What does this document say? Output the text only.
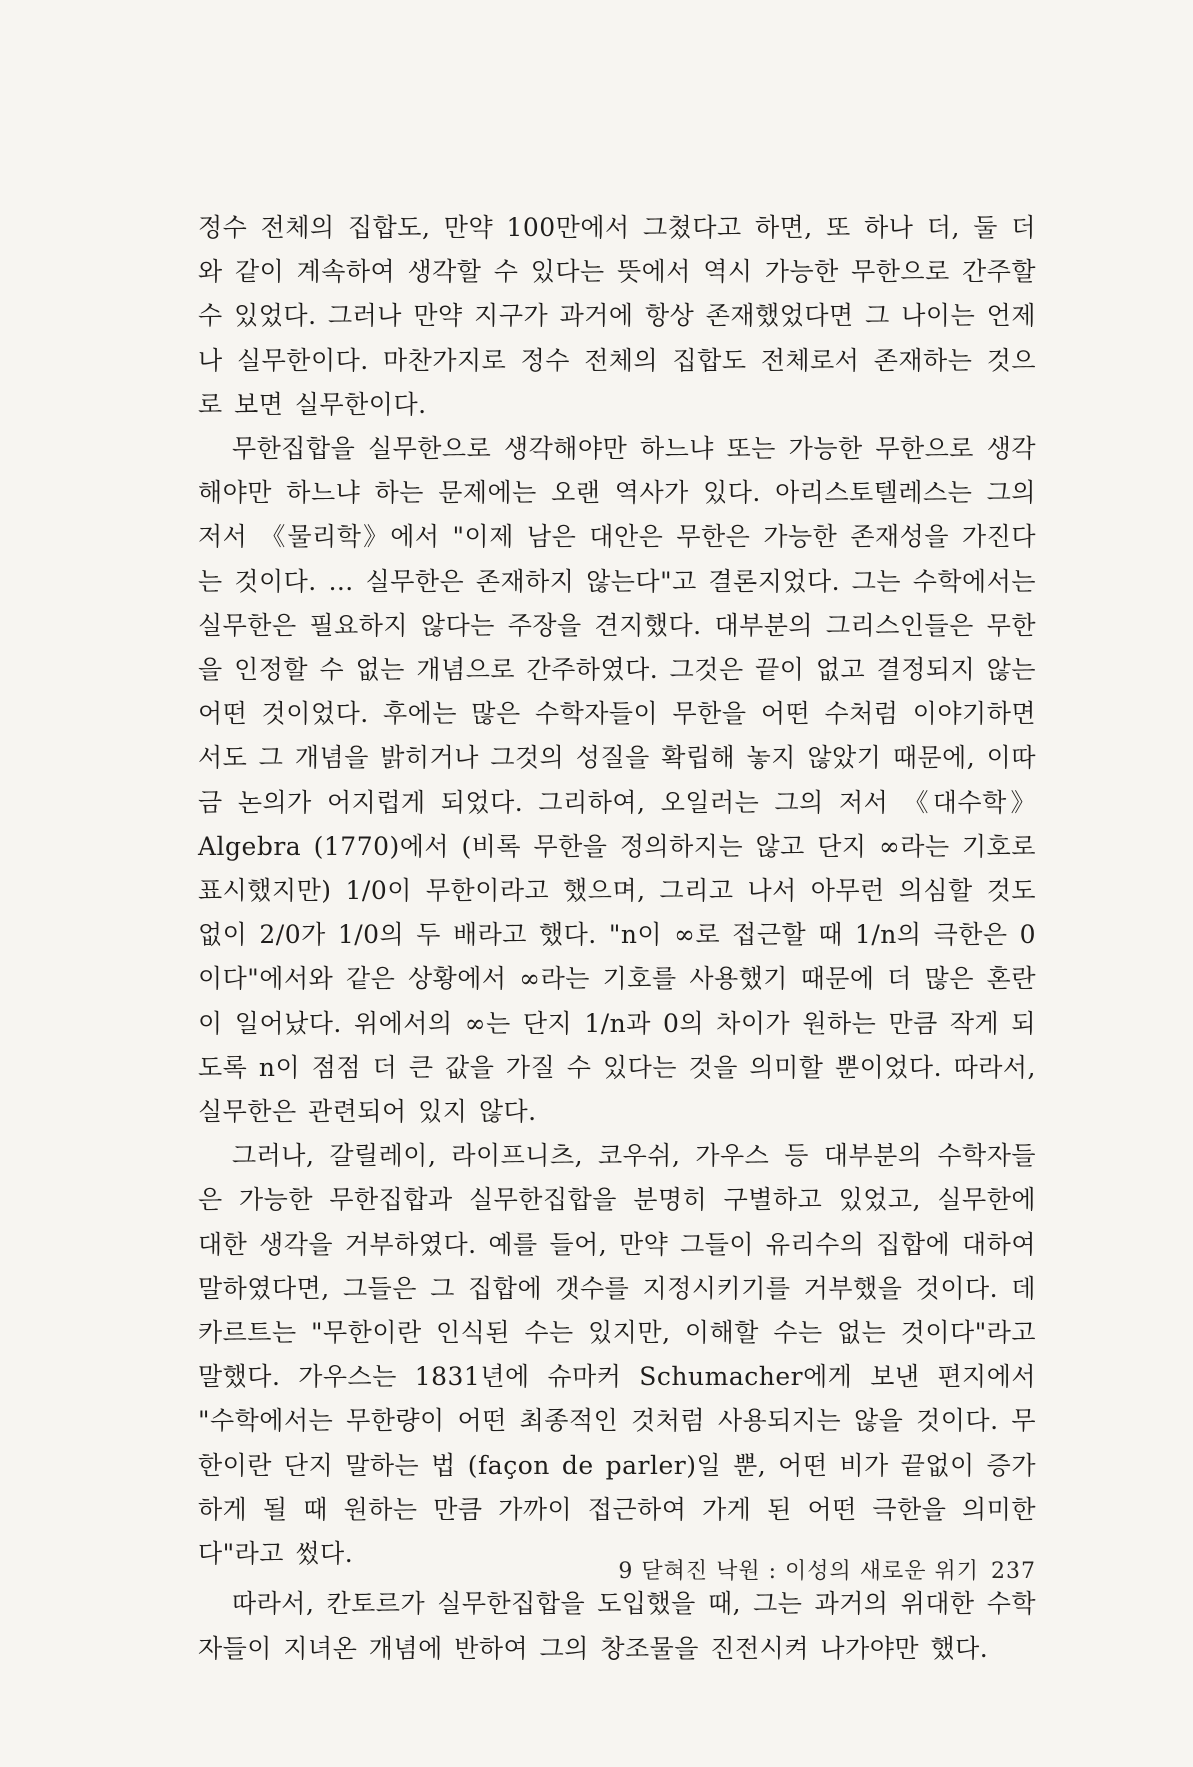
정수 전체의 집합도, 만약 100만에서 그쳤다고 하면, 또 하나 더, 둘 더와 같이 계속하여 생각할 수 있다는 뜻에서 역시 가능한 무한으로 간주할 수 있었다. 그러나 만약 지구가 과거에 항상 존재했었다면 그 나이는 언제나 실무한이다. 마찬가지로 정수 전체의 집합도 전체로서 존재하는 것으로 보면 실무한이다.

무한집합을 실무한으로 생각해야만 하느냐 또는 가능한 무한으로 생각해야만 하느냐 하는 문제에는 오랜 역사가 있다. 아리스토텔레스는 그의 저서 《물리학》에서 "이제 남은 대안은 무한은 가능한 존재성을 가진다는 것이다. … 실무한은 존재하지 않는다"고 결론지었다. 그는 수학에서는 실무한은 필요하지 않다는 주장을 견지했다. 대부분의 그리스인들은 무한을 인정할 수 없는 개념으로 간주하였다. 그것은 끝이 없고 결정되지 않는 어떤 것이었다. 후에는 많은 수학자들이 무한을 어떤 수처럼 이야기하면서도 그 개념을 밝히거나 그것의 성질을 확립해 놓지 않았기 때문에, 이따금 논의가 어지럽게 되었다. 그리하여, 오일러는 그의 저서 《대수학》 Algebra (1770)에서 (비록 무한을 정의하지는 않고 단지 ∞라는 기호로 표시했지만) 1/0이 무한이라고 했으며, 그리고 나서 아무런 의심할 것도 없이 2/0가 1/0의 두 배라고 했다. "n이 ∞로 접근할 때 1/n의 극한은 0이다"에서와 같은 상황에서 ∞라는 기호를 사용했기 때문에 더 많은 혼란이 일어났다. 위에서의 ∞는 단지 1/n과 0의 차이가 원하는 만큼 작게 되도록 n이 점점 더 큰 값을 가질 수 있다는 것을 의미할 뿐이었다. 따라서, 실무한은 관련되어 있지 않다.

그러나, 갈릴레이, 라이프니츠, 코우쉬, 가우스 등 대부분의 수학자들은 가능한 무한집합과 실무한집합을 분명히 구별하고 있었고, 실무한에 대한 생각을 거부하였다. 예를 들어, 만약 그들이 유리수의 집합에 대하여 말하였다면, 그들은 그 집합에 갯수를 지정시키기를 거부했을 것이다. 데카르트는 "무한이란 인식된 수는 있지만, 이해할 수는 없는 것이다"라고 말했다. 가우스는 1831년에 슈마커 Schumacher에게 보낸 편지에서 "수학에서는 무한량이 어떤 최종적인 것처럼 사용되지는 않을 것이다. 무한이란 단지 말하는 법 (façon de parler)일 뿐, 어떤 비가 끝없이 증가하게 될 때 원하는 만큼 가까이 접근하여 가게 된 어떤 극한을 의미한다"라고 썼다.

따라서, 칸토르가 실무한집합을 도입했을 때, 그는 과거의 위대한 수학자들이 지녀온 개념에 반하여 그의 창조물을 진전시켜 나가야만 했다.

9 닫혀진 낙원 : 이성의 새로운 위기 237
